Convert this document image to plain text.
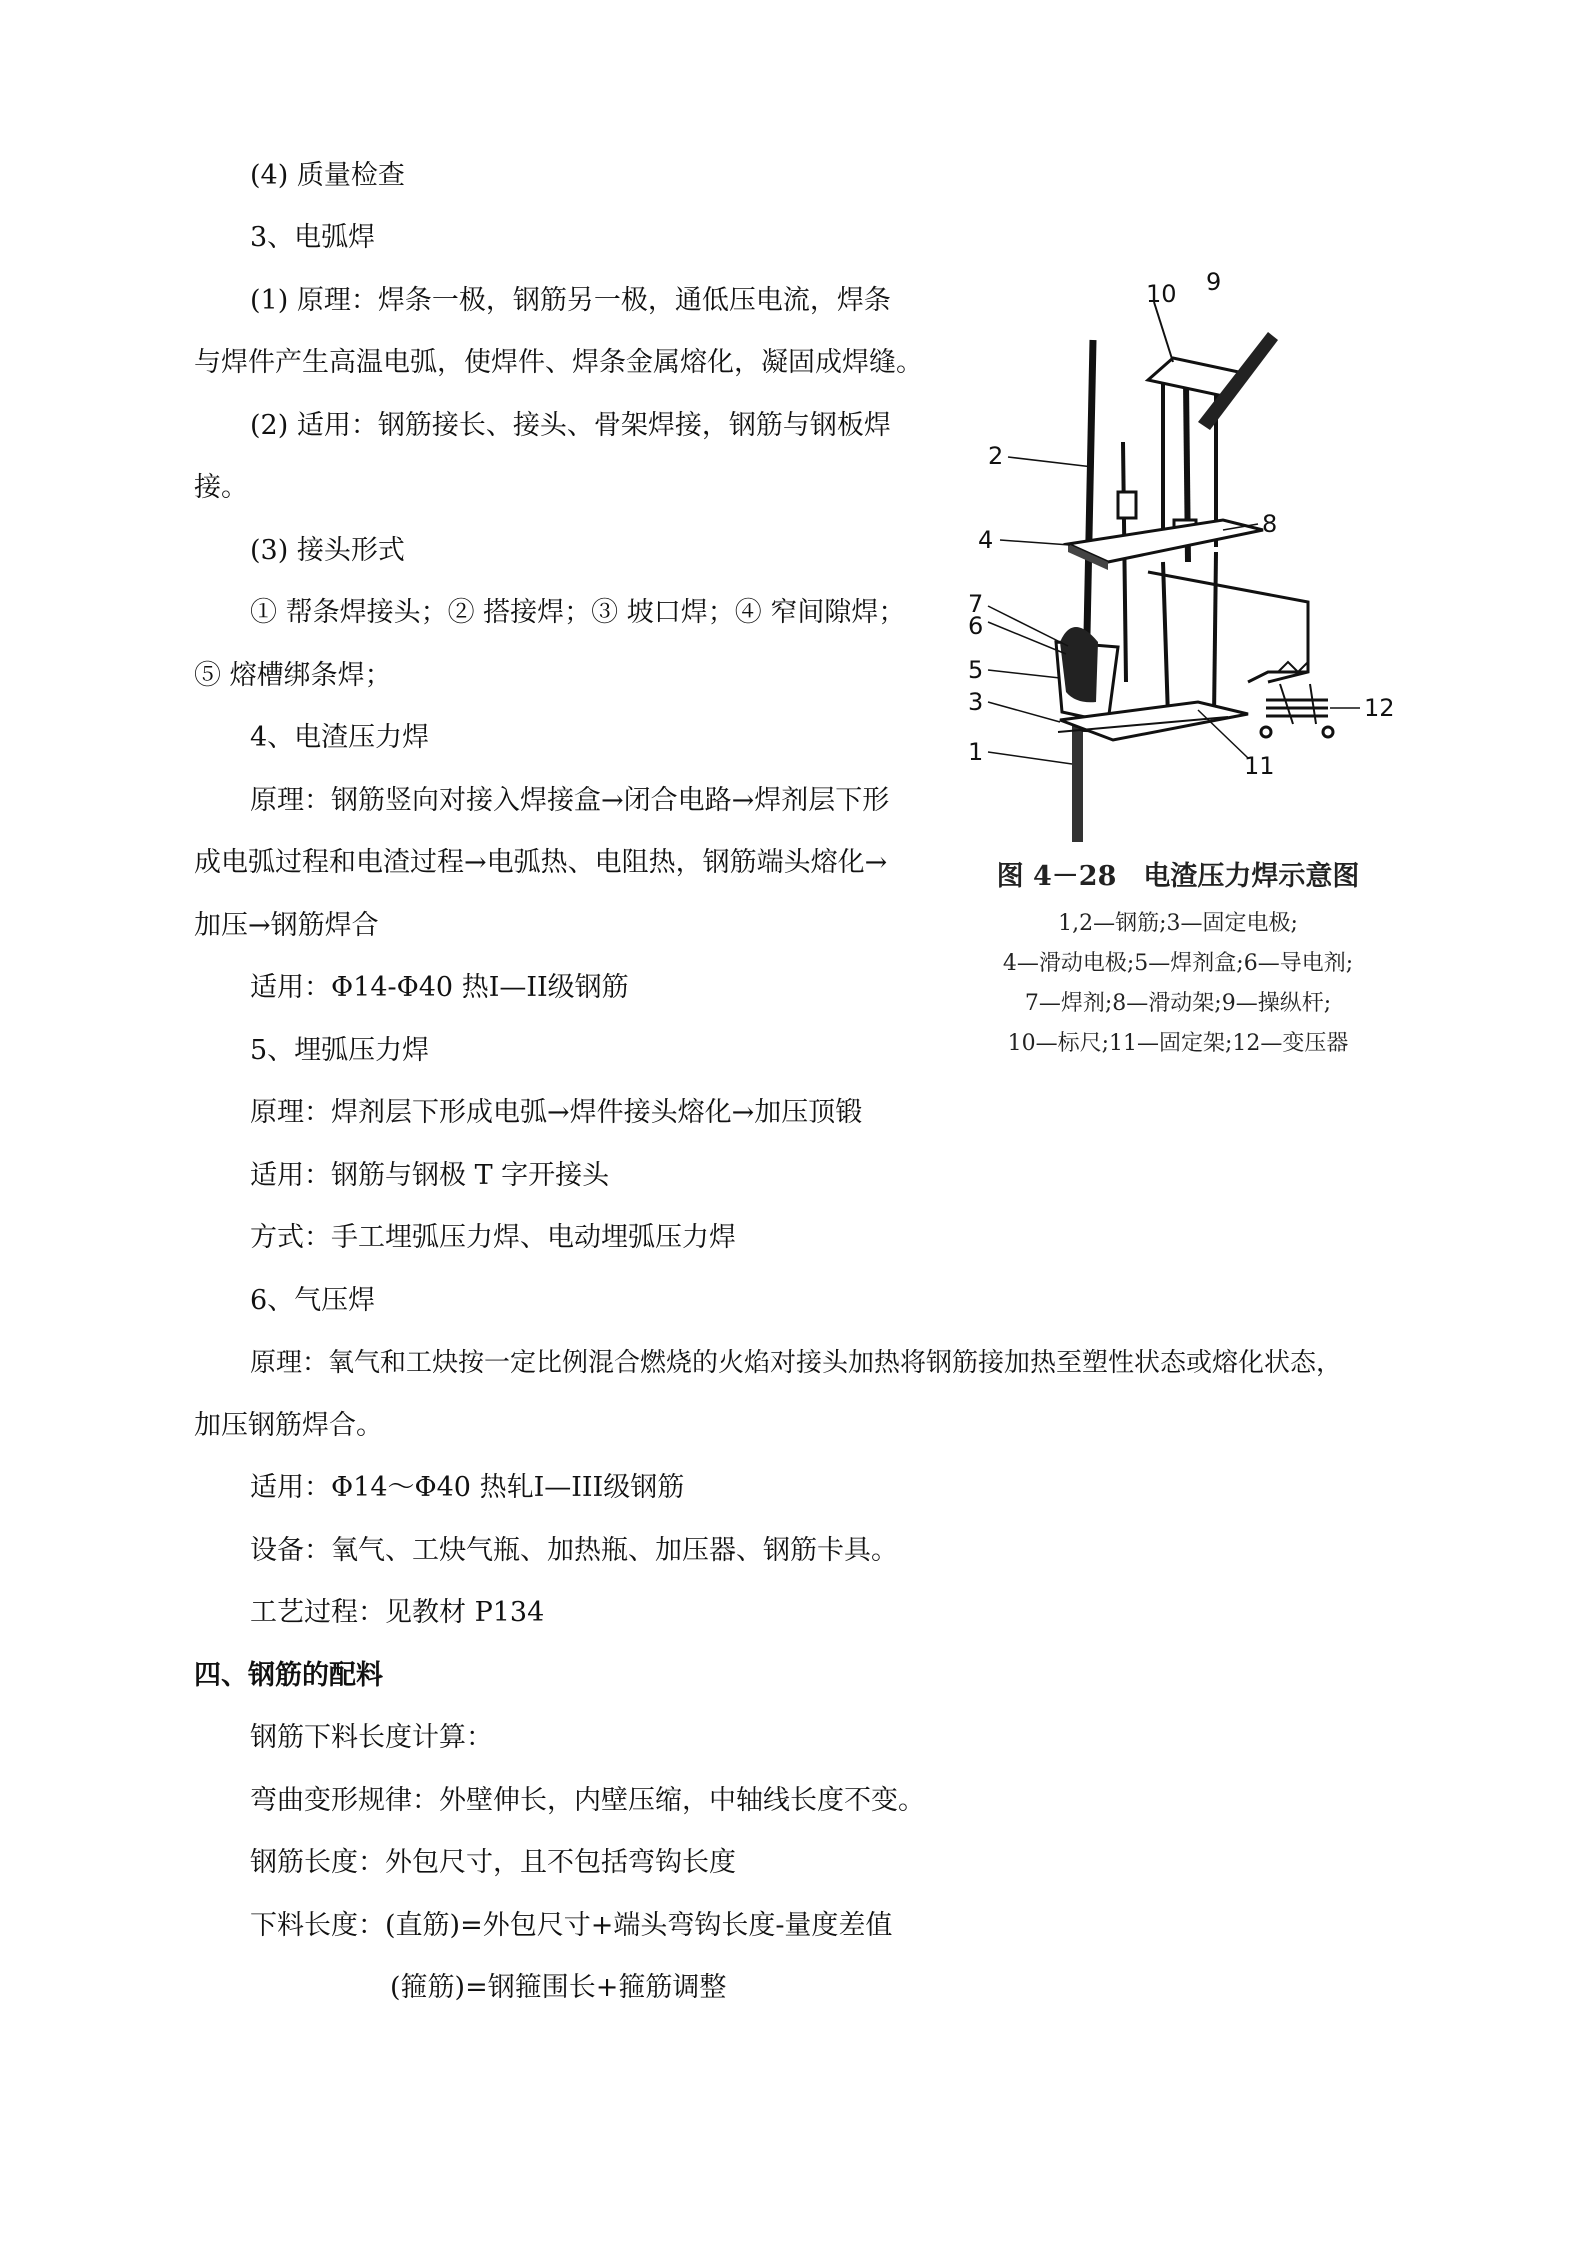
(4) 质量检查
3、电弧焊
(1) 原理：焊条一极，钢筋另一极，通低压电流，焊条
与焊件产生高温电弧，使焊件、焊条金属熔化，凝固成焊缝。
(2) 适用：钢筋接长、接头、骨架焊接，钢筋与钢板焊
接。
(3) 接头形式
① 帮条焊接头；② 搭接焊；③ 坡口焊；④ 窄间隙焊；
⑤ 熔槽绑条焊；
4、电渣压力焊
原理：钢筋竖向对接入焊接盒→闭合电路→焊剂层下形
成电弧过程和电渣过程→电弧热、电阻热，钢筋端头熔化→
加压→钢筋焊合
适用：Φ14-Φ40 热I—II级钢筋
5、埋弧压力焊
原理：焊剂层下形成电弧→焊件接头熔化→加压顶锻
适用：钢筋与钢极 T 字开接头
方式：手工埋弧压力焊、电动埋弧压力焊
6、气压焊
原理：氧气和工炔按一定比例混合燃烧的火焰对接头加热将钢筋接加热至塑性状态或熔化状态，
加压钢筋焊合。
适用：Φ14～Φ40 热轧I—III级钢筋
设备：氧气、工炔气瓶、加热瓶、加压器、钢筋卡具。
工艺过程：见教材 P134
四、钢筋的配料
钢筋下料长度计算：
弯曲变形规律：外壁伸长，内壁压缩，中轴线长度不变。
钢筋长度：外包尺寸，且不包括弯钩长度
下料长度：(直筋)=外包尺寸+端头弯钩长度-量度差值
(箍筋)=钢箍围长+箍筋调整
10 9
2
8
4
7
6
5
12
3
1	11
图 4－28　电渣压力焊示意图
1,2—钢筋;3—固定电极;
4—滑动电极;5—焊剂盒;6—导电剂;
7—焊剂;8—滑动架;9—操纵杆;
10—标尺;11—固定架;12—变压器
